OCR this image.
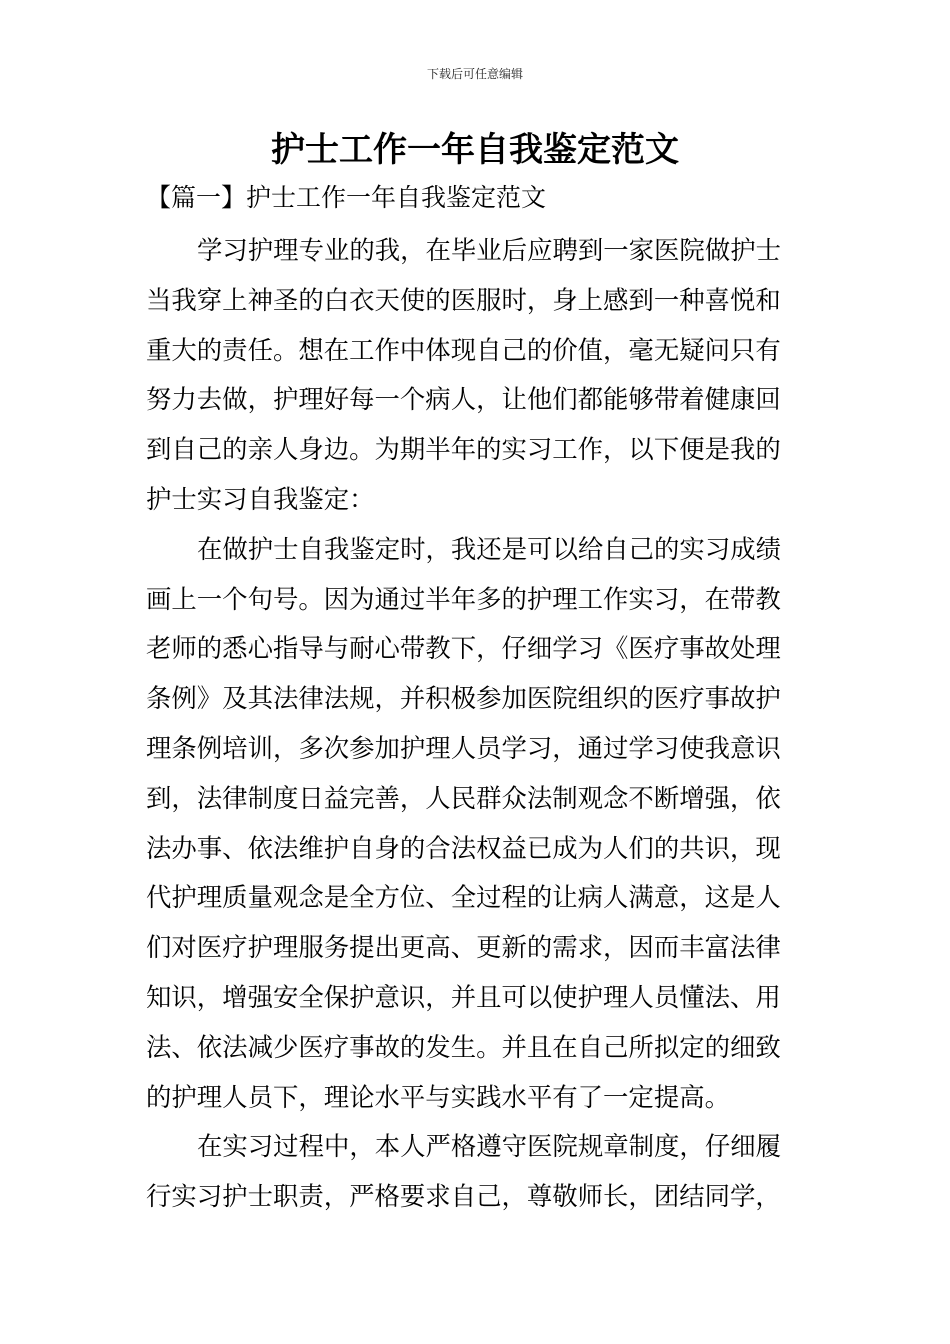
下载后可任意编辑
护士工作一年自我鉴定范文
【篇一】护士工作一年自我鉴定范文
学习护理专业的我，在毕业后应聘到一家医院做护士
当我穿上神圣的白衣天使的医服时，身上感到一种喜悦和
重大的责任。想在工作中体现自己的价值，毫无疑问只有
努力去做，护理好每一个病人，让他们都能够带着健康回
到自己的亲人身边。为期半年的实习工作，以下便是我的
护士实习自我鉴定：
在做护士自我鉴定时，我还是可以给自己的实习成绩
画上一个句号。因为通过半年多的护理工作实习，在带教
老师的悉心指导与耐心带教下，仔细学习《医疗事故处理
条例》及其法律法规，并积极参加医院组织的医疗事故护
理条例培训，多次参加护理人员学习，通过学习使我意识
到，法律制度日益完善，人民群众法制观念不断增强，依
法办事、依法维护自身的合法权益已成为人们的共识，现
代护理质量观念是全方位、全过程的让病人满意，这是人
们对医疗护理服务提出更高、更新的需求，因而丰富法律
知识，增强安全保护意识，并且可以使护理人员懂法、用
法、依法减少医疗事故的发生。并且在自己所拟定的细致
的护理人员下，理论水平与实践水平有了一定提高。
在实习过程中，本人严格遵守医院规章制度，仔细履
行实习护士职责，严格要求自己，尊敬师长，团结同学，
